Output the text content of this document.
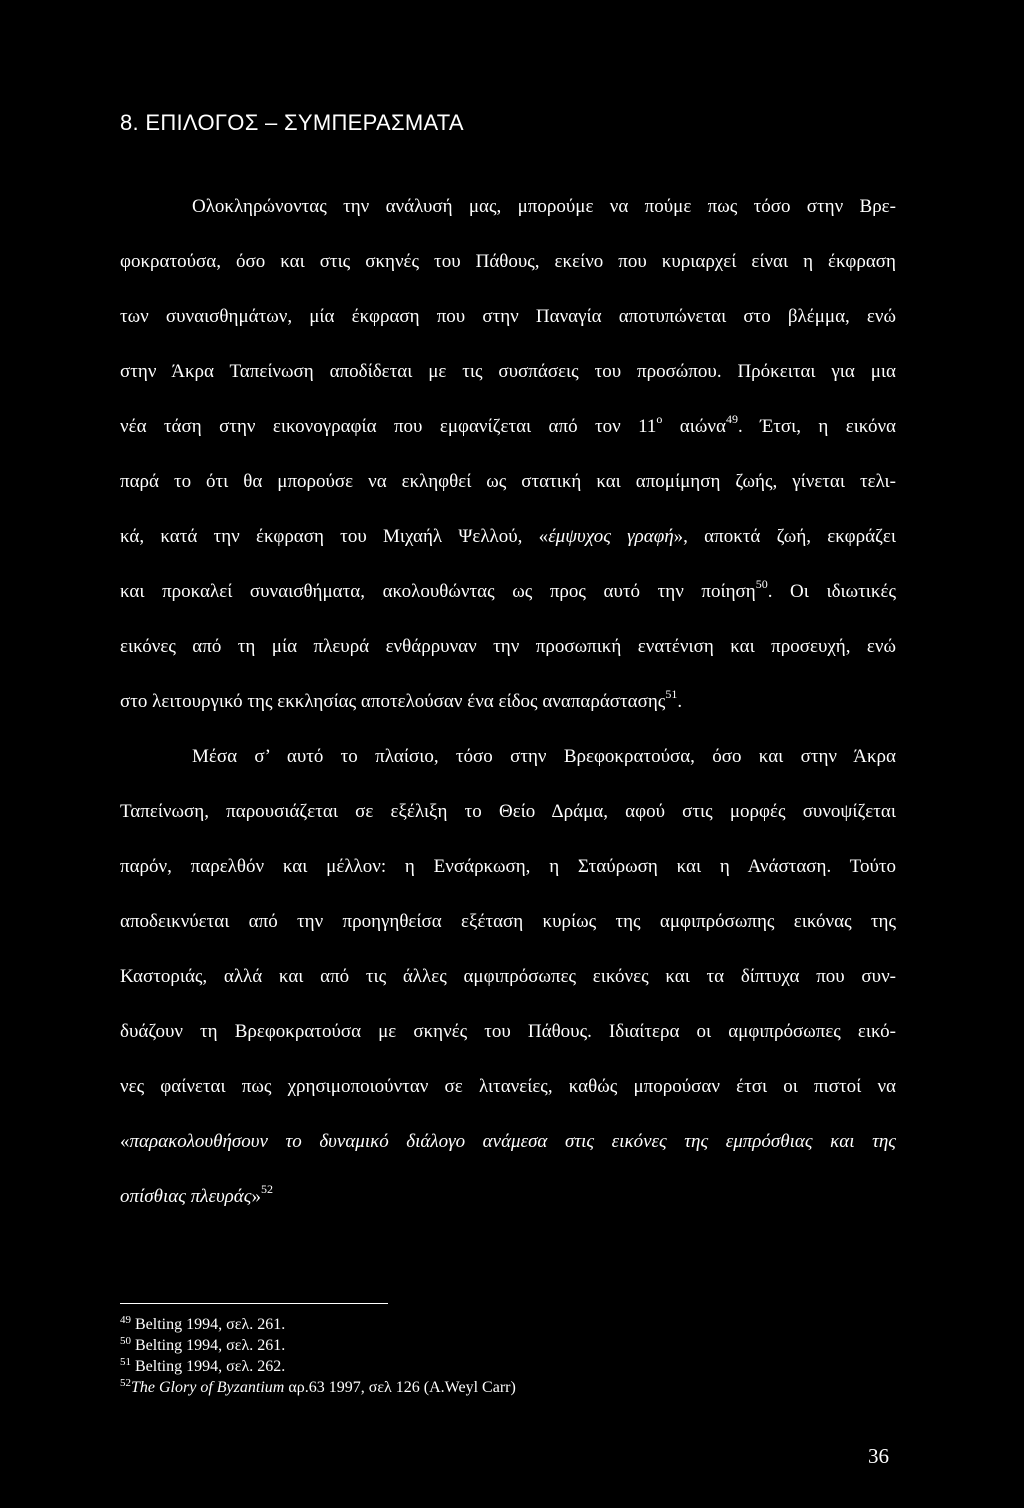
8. ΕΠΙΛΟΓΟΣ – ΣΥΜΠΕΡΑΣΜΑΤΑ
Ολοκληρώνοντας την ανάλυσή μας, μπορούμε να πούμε πως τόσο στην Βρε-
φοκρατούσα, όσο και στις σκηνές του Πάθους, εκείνο που κυριαρχεί είναι η έκφραση
των συναισθημάτων, μία έκφραση που στην Παναγία αποτυπώνεται στο βλέμμα, ενώ
στην Άκρα Ταπείνωση αποδίδεται με τις συσπάσεις του προσώπου. Πρόκειται για μια
νέα τάση στην εικονογραφία που εμφανίζεται από τον $11^o$ αιώνα$^{49}$. Έτσι, η εικόνα
παρά το ότι θα μπορούσε να εκληφθεί ως στατική και απομίμηση ζωής, γίνεται τελι-
κά, κατά την έκφραση του Μιχαήλ Ψελλού, «έμψυχος γραφή», αποκτά ζωή, εκφράζει
και προκαλεί συναισθήματα, ακολουθώντας ως προς αυτό την ποίηση$^{50}$. Οι ιδιωτικές
εικόνες από τη μία πλευρά ενθάρρυναν την προσωπική ενατένιση και προσευχή, ενώ
στο λειτουργικό της εκκλησίας αποτελούσαν ένα είδος αναπαράστασης$^{51}$.
Μέσα σ’ αυτό το πλαίσιο, τόσο στην Βρεφοκρατούσα, όσο και στην Άκρα
Ταπείνωση, παρουσιάζεται σε εξέλιξη το Θείο Δράμα, αφού στις μορφές συνοψίζεται
παρόν, παρελθόν και μέλλον: η Ενσάρκωση, η Σταύρωση και η Ανάσταση. Τούτο
αποδεικνύεται από την προηγηθείσα εξέταση κυρίως της αμφιπρόσωπης εικόνας της
Καστοριάς, αλλά και από τις άλλες αμφιπρόσωπες εικόνες και τα δίπτυχα που συν-
δυάζουν τη Βρεφοκρατούσα με σκηνές του Πάθους. Ιδιαίτερα οι αμφιπρόσωπες εικό-
νες φαίνεται πως χρησιμοποιούνταν σε λιτανείες, καθώς μπορούσαν έτσι οι πιστοί να
«παρακολουθήσουν το δυναμικό διάλογο ανάμεσα στις εικόνες της εμπρόσθιας και της
οπίσθιας πλευράς»$^{52}$
$^{49}$ Belting 1994, σελ. 261.
$^{50}$ Belting 1994, σελ. 261.
$^{51}$ Belting 1994, σελ. 262.
$^{52}$The Glory of Byzantium αρ.63 1997, σελ 126 (A.Weyl Carr)
36
